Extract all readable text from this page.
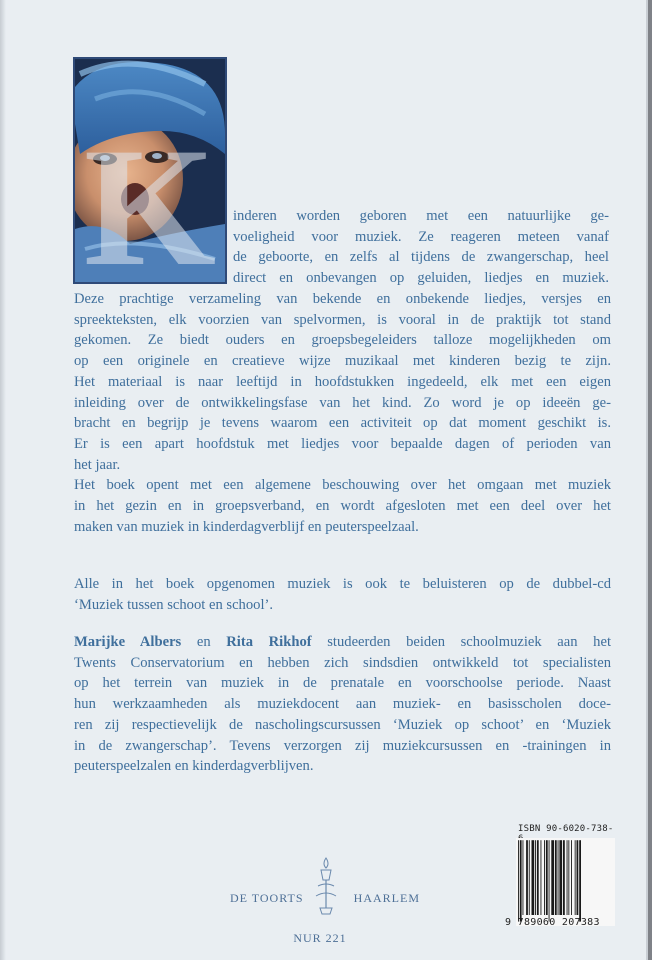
K inderen worden geboren met een natuurlijke ge-
voeligheid voor muziek. Ze reageren meteen vanaf
de geboorte, en zelfs al tijdens de zwangerschap, heel
direct en onbevangen op geluiden, liedjes en muziek.
Deze prachtige verzameling van bekende en onbekende liedjes, versjes en
spreekteksten, elk voorzien van spelvormen, is vooral in de praktijk tot stand
gekomen. Ze biedt ouders en groepsbegeleiders talloze mogelijkheden om
op een originele en creatieve wijze muzikaal met kinderen bezig te zijn.
Het materiaal is naar leeftijd in hoofdstukken ingedeeld, elk met een eigen
inleiding over de ontwikkelingsfase van het kind. Zo word je op ideeën ge-
bracht en begrijp je tevens waarom een activiteit op dat moment geschikt is.
Er is een apart hoofdstuk met liedjes voor bepaalde dagen of perioden van
het jaar.
Het boek opent met een algemene beschouwing over het omgaan met muziek
in het gezin en in groepsverband, en wordt afgesloten met een deel over het
maken van muziek in kinderdagverblijf en peuterspeelzaal.
Alle in het boek opgenomen muziek is ook te beluisteren op de dubbel-cd
‘Muziek tussen schoot en school’.
Marijke Albers en Rita Rikhof studeerden beiden schoolmuziek aan het
Twents Conservatorium en hebben zich sindsdien ontwikkeld tot specialisten
op het terrein van muziek in de prenatale en voorschoolse periode. Naast
hun werkzaamheden als muziekdocent aan muziek- en basisscholen doce-
ren zij respectievelijk de nascholingscursussen ‘Muziek op schoot’ en ‘Muziek
in de zwangerschap’. Tevens verzorgen zij muziekcursussen en -trainingen in
peuterspeelzalen en kinderdagverblijven.
ISBN 90-6020-738-
9 789060 207383
DE TOORTS	HAARLEM
NUR 221
